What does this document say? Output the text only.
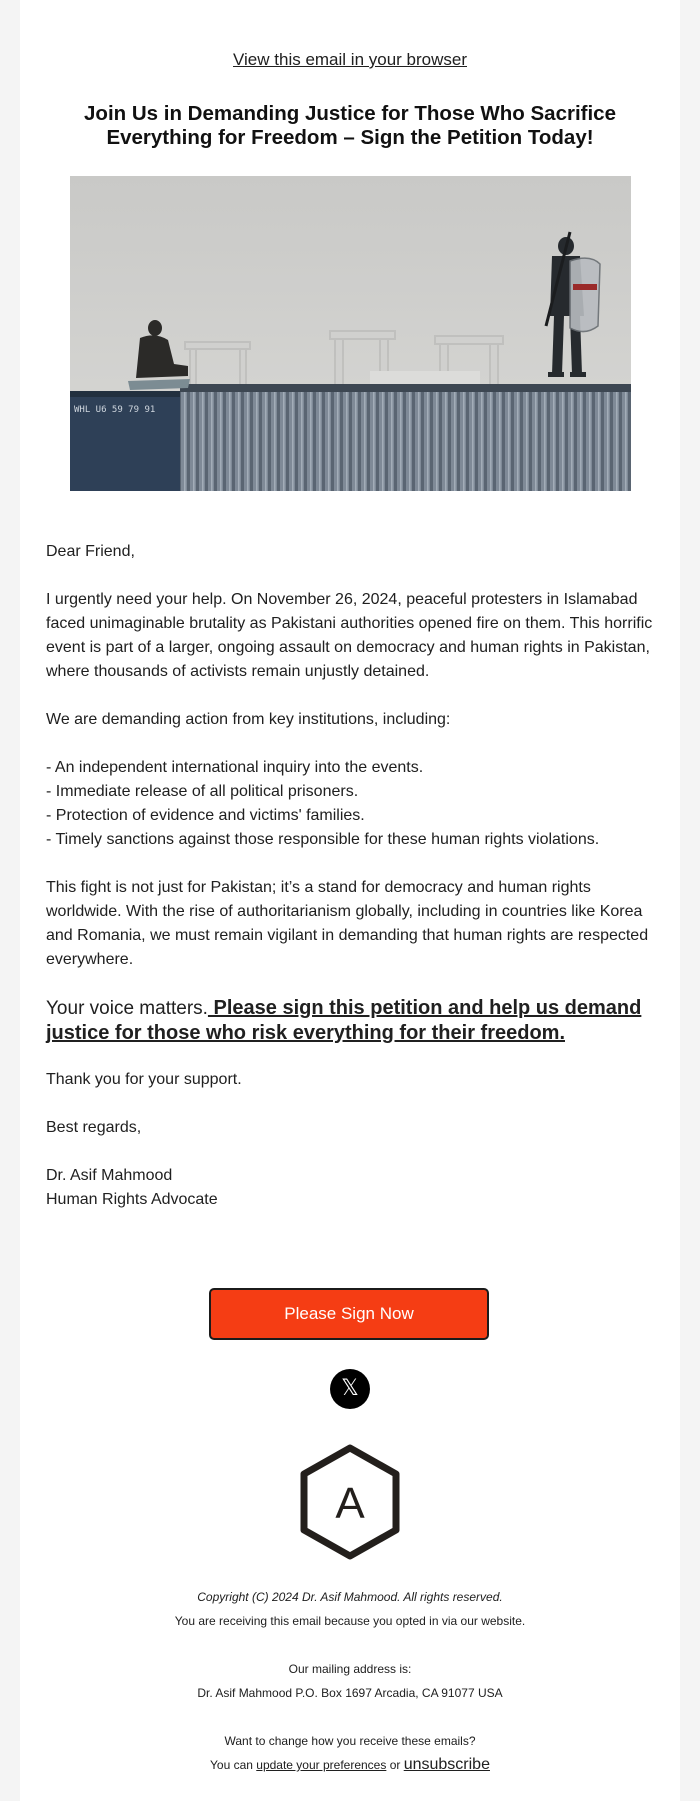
View this email in your browser
Join Us in Demanding Justice for Those Who Sacrifice Everything for Freedom – Sign the Petition Today!
WHL U6 59 79 91
Dear Friend,
I urgently need your help. On November 26, 2024, peaceful protesters in Islamabad faced unimaginable brutality as Pakistani authorities opened fire on them. This horrific event is part of a larger, ongoing assault on democracy and human rights in Pakistan, where thousands of activists remain unjustly detained.
We are demanding action from key institutions, including:

- An independent international inquiry into the events.

- Immediate release of all political prisoners.

- Protection of evidence and victims' families.

- Timely sanctions against those responsible for these human rights violations.

This fight is not just for Pakistan; it’s a stand for democracy and human rights worldwide. With the rise of authoritarianism globally, including in countries like Korea and Romania, we must remain vigilant in demanding that human rights are respected everywhere.
Your voice matters. Please sign this petition and help us demand justice for those who risk everything for their freedom.
Thank you for your support.
Best regards,
Dr. Asif Mahmood
Human Rights Advocate
Please Sign Now
𝕏
A
Copyright (C) 2024 Dr. Asif Mahmood. All rights reserved.
You are receiving this email because you opted in via our website.
Our mailing address is:
Dr. Asif Mahmood P.O. Box 1697 Arcadia, CA 91077 USA
Want to change how you receive these emails?
You can update your preferences or unsubscribe
